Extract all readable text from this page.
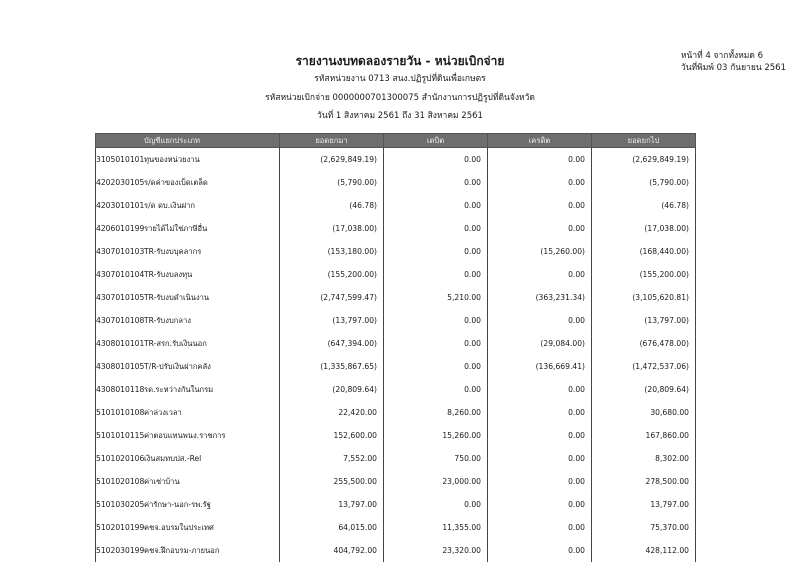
หน้าที่ 4 จากทั้งหมด 6
วันที่พิมพ์ 03 กันยายน 2561
รายงานงบทดลองรายวัน - หน่วยเบิกจ่าย
รหัสหน่วยงาน 0713 สนง.ปฏิรูปที่ดินเพื่อเกษตร
รหัสหน่วยเบิกจ่าย 0000000701300075 สำนักงานการปฏิรูปที่ดินจังหวัด
วันที่ 1 สิงหาคม 2561 ถึง 31 สิงหาคม 2561
บัญชีแยกประเภท	ยอดยกมา	เดบิต	เครดิต	ยอดยกไป
3105010101ทุนของหน่วยงาน	(2,629,849.19)	0.00	0.00	(2,629,849.19)
4202030105ร/ดค่าของเบ็ดเตล็ด	(5,790.00)	0.00	0.00	(5,790.00)
4203010101ร/ด ดบ.เงินฝาก	(46.78)	0.00	0.00	(46.78)
4206010199รายได้ไม่ใช่ภาษีอื่น	(17,038.00)	0.00	0.00	(17,038.00)
4307010103TR-รับงบบุคลากร	(153,180.00)	0.00	(15,260.00)	(168,440.00)
4307010104TR-รับงบลงทุน	(155,200.00)	0.00	0.00	(155,200.00)
4307010105TR-รับงบดำเนินงาน	(2,747,599.47)	5,210.00	(363,231.34)	(3,105,620.81)
4307010108TR-รับงบกลาง	(13,797.00)	0.00	0.00	(13,797.00)
4308010101TR-สรก.รับเงินนอก	(647,394.00)	0.00	(29,084.00)	(676,478.00)
4308010105T/R-ปรับเงินฝากคลัง	(1,335,867.65)	0.00	(136,669.41)	(1,472,537.06)
4308010118รด.ระหว่างกันในกรม	(20,809.64)	0.00	0.00	(20,809.64)
5101010108ค่าล่วงเวลา	22,420.00	8,260.00	0.00	30,680.00
5101010115ค่าตอบแทนพนง.ราชการ	152,600.00	15,260.00	0.00	167,860.00
5101020106เงินสมทบปส.-Rel	7,552.00	750.00	0.00	8,302.00
5101020108ค่าเช่าบ้าน	255,500.00	23,000.00	0.00	278,500.00
5101030205ค่ารักษา-นอก-รพ.รัฐ	13,797.00	0.00	0.00	13,797.00
5102010199คชจ.อบรมในประเทศ	64,015.00	11,355.00	0.00	75,370.00
5102030199คชจ.ฝึกอบรม-ภายนอก	404,792.00	23,320.00	0.00	428,112.00
